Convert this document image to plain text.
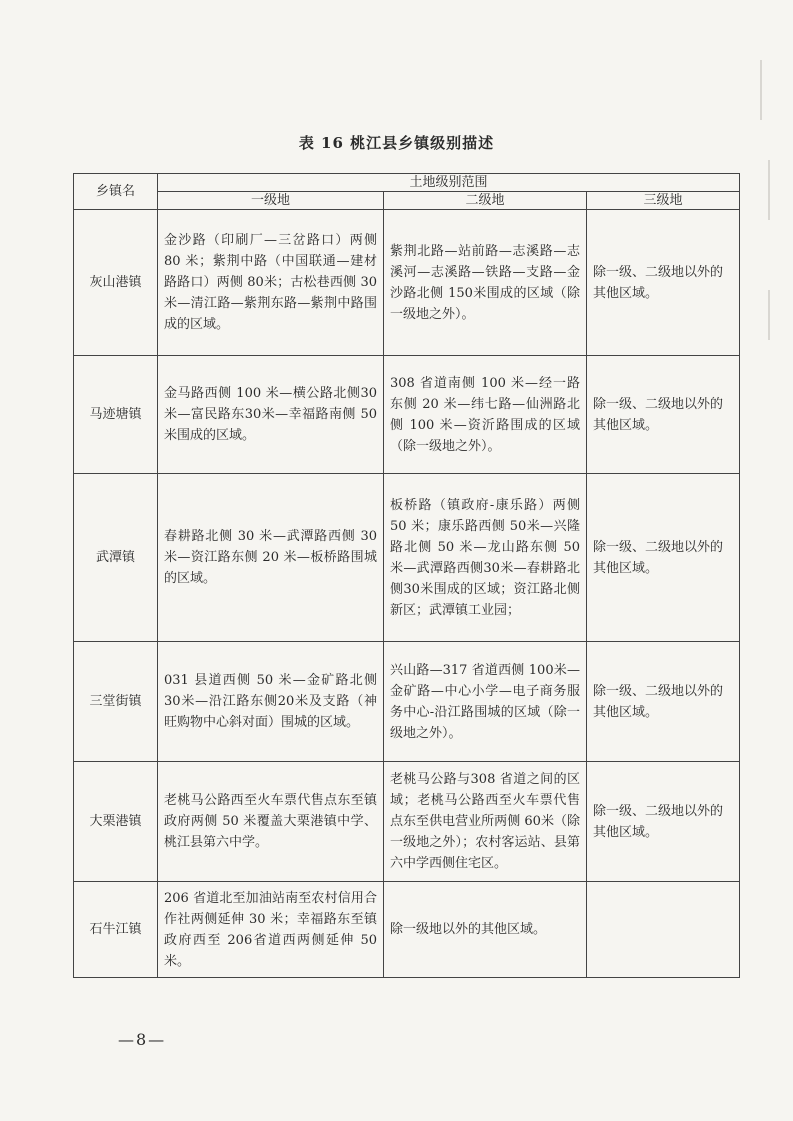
表 16 桃江县乡镇级别描述
乡镇名	土地级别范围		
	一级地	二级地	三级地
灰山港镇	金沙路（印刷厂—三岔路口）两侧 80 米；紫荆中路（中国联通—建材路路口）两侧 80米；古松巷西侧 30 米—清江路—紫荆东路—紫荆中路围成的区域。	紫荆北路—站前路—志溪路—志溪河—志溪路—铁路—支路—金沙路北侧 150米围成的区域（除一级地之外）。	除一级、二级地以外的其他区域。
马迹塘镇	金马路西侧 100 米—横公路北侧30米—富民路东30米—幸福路南侧 50 米围成的区域。	308 省道南侧 100 米—经一路东侧 20 米—纬七路—仙洲路北侧 100 米—资沂路围成的区域（除一级地之外）。	除一级、二级地以外的其他区域。
武潭镇	春耕路北侧 30 米—武潭路西侧 30 米—资江路东侧 20 米—板桥路围城的区域。	板桥路（镇政府-康乐路）两侧 50 米；康乐路西侧 50米—兴隆路北侧 50 米—龙山路东侧 50 米—武潭路西侧30米—春耕路北侧30米围成的区域；资江路北侧新区；武潭镇工业园；	除一级、二级地以外的其他区域。
三堂街镇	031 县道西侧 50 米—金矿路北侧30米—沿江路东侧20米及支路（神旺购物中心斜对面）围城的区域。	兴山路—317 省道西侧 100米—金矿路—中心小学—电子商务服务中心-沿江路围城的区域（除一级地之外）。	除一级、二级地以外的其他区域。
大栗港镇	老桃马公路西至火车票代售点东至镇政府两侧 50 米覆盖大栗港镇中学、桃江县第六中学。	老桃马公路与308 省道之间的区域；老桃马公路西至火车票代售点东至供电营业所两侧 60米（除一级地之外）；农村客运站、县第六中学西侧住宅区。	除一级、二级地以外的其他区域。
石牛江镇	206 省道北至加油站南至农村信用合作社两侧延伸 30 米；幸福路东至镇政府西至 206省道西两侧延伸 50米。	除一级地以外的其他区域。	
—8—
